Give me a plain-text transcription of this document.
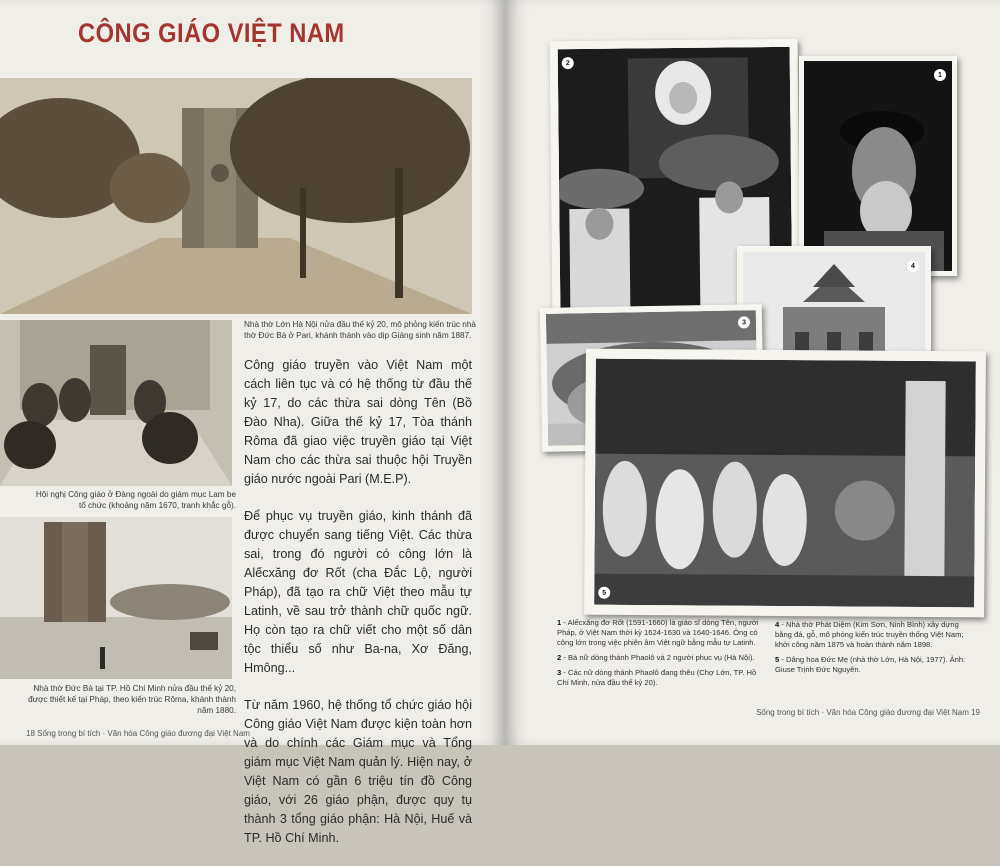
CÔNG GIÁO VIỆT NAM
Nhà thờ Lớn Hà Nội nửa đầu thế kỷ 20, mô phỏng kiến trúc nhà thờ Đức Bà ở Pari, khánh thành vào dịp Giáng sinh năm 1887.
Hội nghị Công giáo ở Đàng ngoài do giám mục Lam be tổ chức (khoảng năm 1670, tranh khắc gỗ).
Nhà thờ Đức Bà tại TP. Hồ Chí Minh nửa đầu thế kỷ 20, được thiết kế tại Pháp, theo kiến trúc Rôma, khánh thành năm 1880.

Công giáo truyền vào Việt Nam một cách liên tục và có hệ thống từ đầu thế kỷ 17, do các thừa sai dòng Tên (Bồ Đào Nha). Giữa thế kỷ 17, Tòa thánh Rôma đã giao việc truyền giáo tại Việt Nam cho các thừa sai thuộc hội Truyền giáo nước ngoài Pari (M.E.P).

Để phục vụ truyền giáo, kinh thánh đã được chuyển sang tiếng Việt. Các thừa sai, trong đó người có công lớn là Alếcxăng đơ Rốt (cha Đắc Lộ, người Pháp), đã tạo ra chữ Việt theo mẫu tự Latinh, về sau trở thành chữ quốc ngữ. Họ còn tạo ra chữ viết cho một số dân tộc thiểu số như Ba-na, Xơ Đăng, Hmông...

Từ năm 1960, hệ thống tổ chức giáo hội Công giáo Việt Nam được kiện toàn hơn và do chính các Giám mục và Tổng giám mục Việt Nam quản lý. Hiện nay, ở Việt Nam có gần 6 triệu tín đồ Công giáo, với 26 giáo phận, được quy tụ thành 3 tổng giáo phận: Hà Nội, Huế và TP. Hồ Chí Minh.

18 Sống trong bí tích · Văn hóa Công giáo đương đại Việt Nam
2
1
4
3
5
1 - Alếcxăng đơ Rốt (1591-1660) là giáo sĩ dòng Tên, người Pháp, ở Việt Nam thời kỳ 1624-1630 và 1640-1646. Ông có công lớn trong việc phiên âm Việt ngữ bằng mẫu tự Latinh.
2 - Bà nữ dòng thánh Phaolô và 2 người phục vụ (Hà Nội).
3 - Các nữ dòng thánh Phaolô đang thêu (Chợ Lớn, TP. Hồ Chí Minh, nửa đầu thế kỷ 20).
4 - Nhà thờ Phát Diệm (Kim Sơn, Ninh Bình) xây dựng bằng đá, gỗ, mô phỏng kiến trúc truyền thống Việt Nam; khởi công năm 1875 và hoàn thành năm 1898.
5 - Dâng hoa Đức Mẹ (nhà thờ Lớn, Hà Nội, 1977). Ảnh: Giuse Trịnh Đức Nguyên.
Sống trong bí tích · Văn hóa Công giáo đương đại Việt Nam 19
